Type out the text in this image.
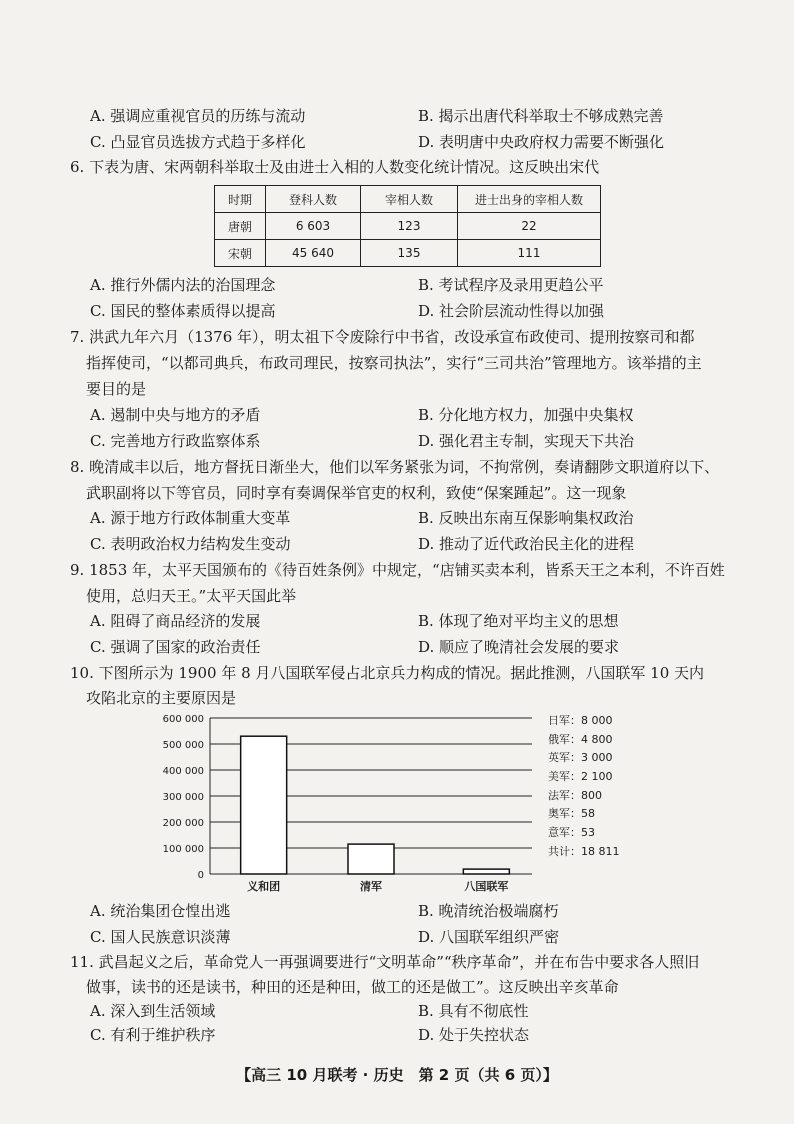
A. 强调应重视官员的历练与流动	B. 揭示出唐代科举取士不够成熟完善
C. 凸显官员选拔方式趋于多样化	D. 表明唐中央政府权力需要不断强化
6. 下表为唐、宋两朝科举取士及由进士入相的人数变化统计情况。这反映出宋代
时期	登科人数	宰相人数	进士出身的宰相人数
唐朝	6 603	123	22
宋朝	45 640	135	111
A. 推行外儒内法的治国理念	B. 考试程序及录用更趋公平
C. 国民的整体素质得以提高	D. 社会阶层流动性得以加强
7. 洪武九年六月（1376 年），明太祖下令废除行中书省，改设承宣布政使司、提刑按察司和都
指挥使司，“以都司典兵，布政司理民，按察司执法”，实行“三司共治”管理地方。该举措的主
要目的是
A. 遏制中央与地方的矛盾	B. 分化地方权力，加强中央集权
C. 完善地方行政监察体系	D. 强化君主专制，实现天下共治
8. 晚清咸丰以后，地方督抚日渐坐大，他们以军务紧张为词，不拘常例，奏请翻陟文职道府以下、
武职副将以下等官员，同时享有奏调保举官吏的权利，致使“保案踵起”。这一现象
A. 源于地方行政体制重大变革	B. 反映出东南互保影响集权政治
C. 表明政治权力结构发生变动	D. 推动了近代政治民主化的进程
9. 1853 年，太平天国颁布的《待百姓条例》中规定，“店铺买卖本利，皆系天王之本利，不许百姓
使用，总归天王。”太平天国此举
A. 阻碍了商品经济的发展	B. 体现了绝对平均主义的思想
C. 强调了国家的政治责任	D. 顺应了晚清社会发展的要求
10. 下图所示为 1900 年 8 月八国联军侵占北京兵力构成的情况。据此推测，八国联军 10 天内
攻陷北京的主要原因是
0
100 000
200 000
300 000
400 000
500 000
600 000
义和团	清军	八国联军
日军：8 000
俄军：4 800
英军：3 000
美军：2 100
法军：800
奥军：58
意军：53
共计：18 811
A. 统治集团仓惶出逃	B. 晚清统治极端腐朽
C. 国人民族意识淡薄	D. 八国联军组织严密
11. 武昌起义之后，革命党人一再强调要进行“文明革命”“秩序革命”，并在布告中要求各人照旧
做事，读书的还是读书，种田的还是种田，做工的还是做工”。这反映出辛亥革命
A. 深入到生活领域	B. 具有不彻底性
C. 有利于维护秩序	D. 处于失控状态
【高三 10 月联考 · 历史　第 2 页（共 6 页）】
